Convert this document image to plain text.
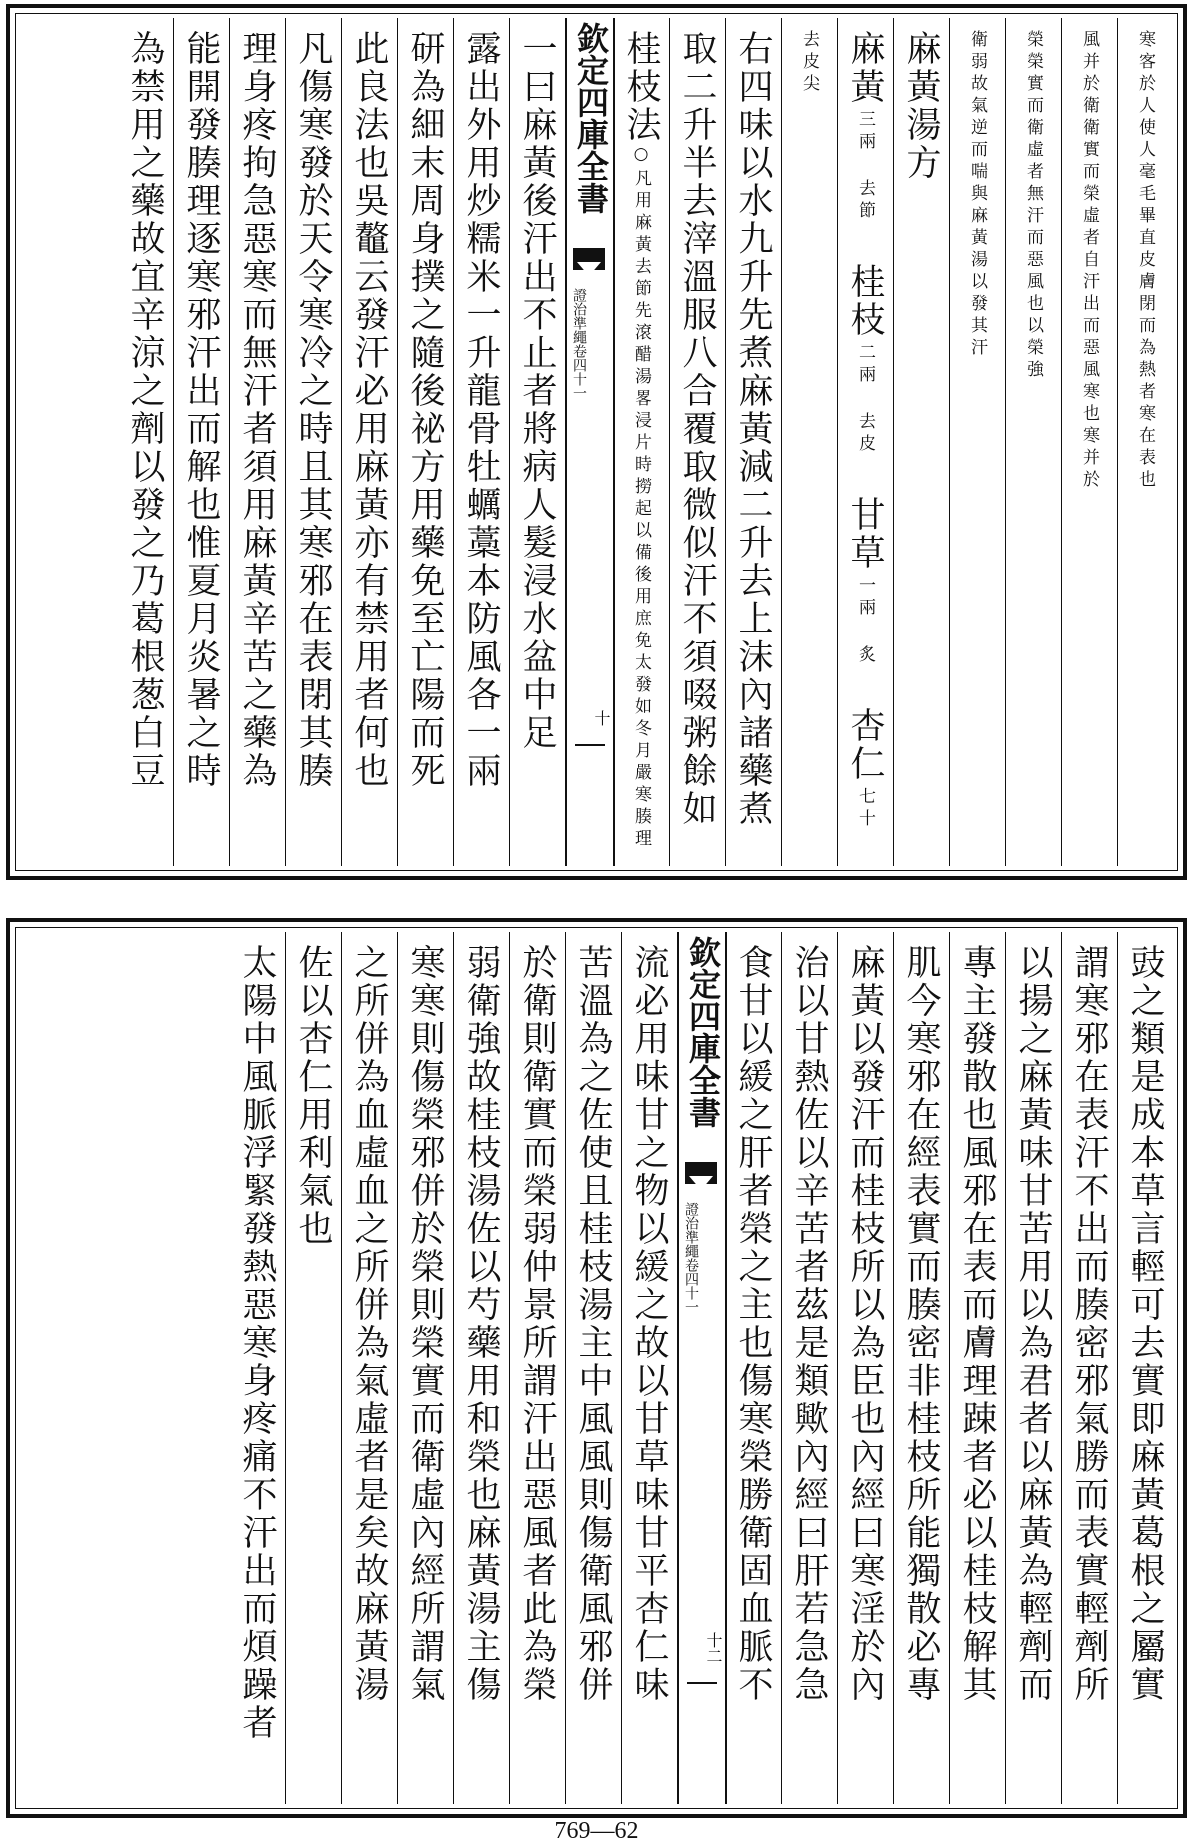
寒客於人使人毫毛畢直皮膚閉而為熱者寒在表也
風并於衛衛實而榮虛者自汗出而惡風寒也寒并於
榮榮實而衛虛者無汗而惡風也以榮強
衛弱故氣逆而喘與麻黃湯以發其汗
麻黃湯方
麻黃三兩 去節桂枝二兩 去皮甘草一兩 炙杏仁七十
去皮尖
右四味以水九升先煮麻黃減二升去上沫內諸藥煮
取二升半去滓溫服八合覆取微似汗不須啜粥餘如
桂枝法○凡用麻黃去節先滾醋湯畧浸片時撈起以備後用庶免太發如冬月嚴寒腠理
欽定四庫全書
證治準繩卷四十一
十
一曰麻黃後汗出不止者將病人髮浸水盆中足
露出外用炒糯米一升龍骨牡蠣藁本防風各一兩
研為細末周身撲之隨後祕方用藥免至亡陽而死
此良法也吳鼇云發汗必用麻黃亦有禁用者何也
凡傷寒發於天令寒冷之時且其寒邪在表閉其腠
理身疼拘急惡寒而無汗者須用麻黃辛苦之藥為
能開發腠理逐寒邪汗出而解也惟夏月炎暑之時
為禁用之藥故宜辛涼之劑以發之乃葛根葱白豆
豉之類是成本草言輕可去實即麻黃葛根之屬實
謂寒邪在表汗不出而腠密邪氣勝而表實輕劑所
以揚之麻黃味甘苦用以為君者以麻黃為輕劑而
專主發散也風邪在表而膚理踈者必以桂枝解其
肌今寒邪在經表實而腠密非桂枝所能獨散必專
麻黃以發汗而桂枝所以為臣也內經曰寒淫於內
治以甘熱佐以辛苦者茲是類歟內經曰肝若急急
食甘以緩之肝者榮之主也傷寒榮勝衛固血脈不
欽定四庫全書
證治準繩卷四十一
十二
流必用味甘之物以緩之故以甘草味甘平杏仁味
苦溫為之佐使且桂枝湯主中風風則傷衛風邪併
於衛則衛實而榮弱仲景所謂汗出惡風者此為榮
弱衛強故桂枝湯佐以芍藥用和榮也麻黃湯主傷
寒寒則傷榮邪併於榮則榮實而衛虛內經所謂氣
之所併為血虛血之所併為氣虛者是矣故麻黃湯
佐以杏仁用利氣也
太陽中風脈浮緊發熱惡寒身疼痛不汗出而煩躁者
769—62
